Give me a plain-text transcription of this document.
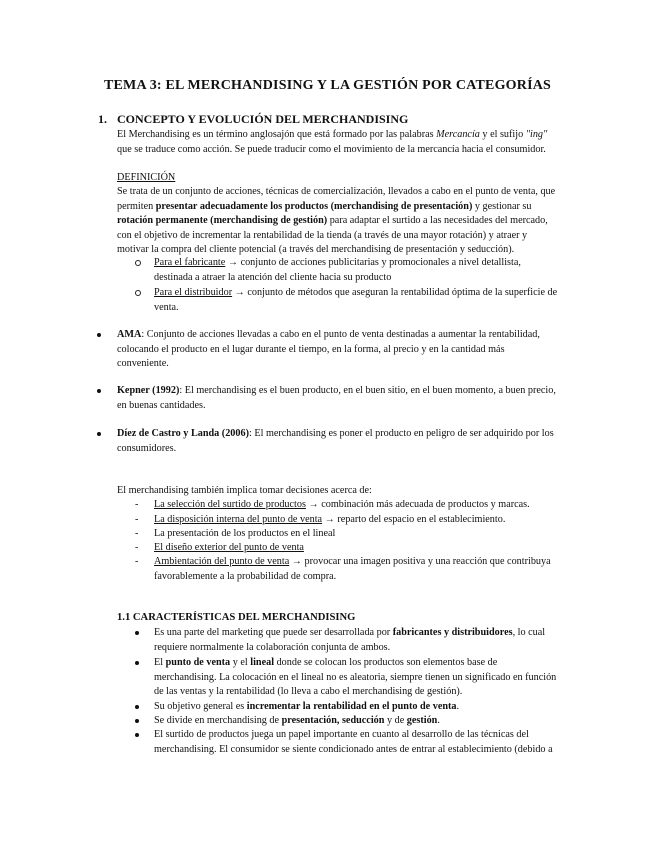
TEMA 3: EL MERCHANDISING Y LA GESTIÓN POR CATEGORÍAS
1. CONCEPTO Y EVOLUCIÓN DEL MERCHANDISING
El Merchandising es un término anglosajón que está formado por las palabras Mercancía y el sufijo "ing"
que se traduce como acción. Se puede traducir como el movimiento de la mercancía hacia el consumidor.
DEFINICIÓN
Se trata de un conjunto de acciones, técnicas de comercialización, llevados a cabo en el punto de venta, que
permiten presentar adecuadamente los productos (merchandising de presentación) y gestionar su
rotación permanente (merchandising de gestión) para adaptar el surtido a las necesidades del mercado,
con el objetivo de incrementar la rentabilidad de la tienda (a través de una mayor rotación) y atraer y
motivar la compra del cliente potencial (a través del merchandising de presentación y seducción).
Para el fabricante → conjunto de acciones publicitarias y promocionales a nivel detallista,
destinada a atraer la atención del cliente hacia su producto
Para el distribuidor → conjunto de métodos que aseguran la rentabilidad óptima de la superficie de
venta.
AMA: Conjunto de acciones llevadas a cabo en el punto de venta destinadas a aumentar la rentabilidad,
colocando el producto en el lugar durante el tiempo, en la forma, al precio y en la cantidad más
conveniente.
Kepner (1992): El merchandising es el buen producto, en el buen sitio, en el buen momento, a buen precio,
en buenas cantidades.
Díez de Castro y Landa (2006): El merchandising es poner el producto en peligro de ser adquirido por los
consumidores.
El merchandising también implica tomar decisiones acerca de:
- La selección del surtido de productos → combinación más adecuada de productos y marcas.
- La disposición interna del punto de venta → reparto del espacio en el establecimiento.
- La presentación de los productos en el lineal
- El diseño exterior del punto de venta
- Ambientación del punto de venta → provocar una imagen positiva y una reacción que contribuya
favorablemente a la probabilidad de compra.
1.1 CARACTERÍSTICAS DEL MERCHANDISING
Es una parte del marketing que puede ser desarrollada por fabricantes y distribuidores, lo cual
requiere normalmente la colaboración conjunta de ambos.
El punto de venta y el lineal donde se colocan los productos son elementos base de
merchandising. La colocación en el lineal no es aleatoria, siempre tienen un significado en función
de las ventas y la rentabilidad (lo lleva a cabo el merchandising de gestión).
Su objetivo general es incrementar la rentabilidad en el punto de venta.
Se divide en merchandising de presentación, seducción y de gestión.
El surtido de productos juega un papel importante en cuanto al desarrollo de las técnicas del
merchandising. El consumidor se siente condicionado antes de entrar al establecimiento (debido a
